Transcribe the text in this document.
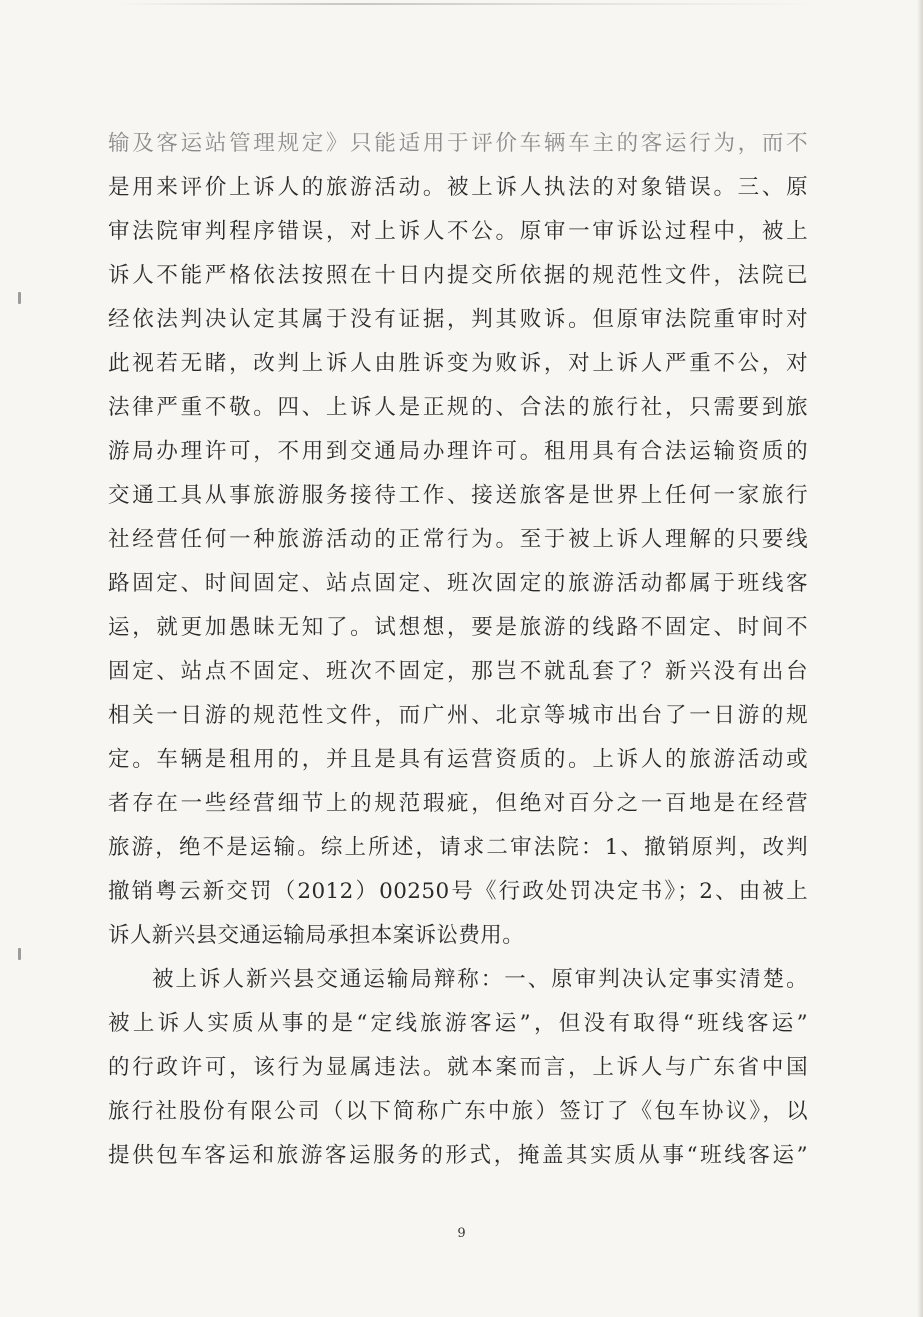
输及客运站管理规定》只能适用于评价车辆车主的客运行为，而不
是用来评价上诉人的旅游活动。被上诉人执法的对象错误。三、原
审法院审判程序错误，对上诉人不公。原审一审诉讼过程中，被上
诉人不能严格依法按照在十日内提交所依据的规范性文件，法院已
经依法判决认定其属于没有证据，判其败诉。但原审法院重审时对
此视若无睹，改判上诉人由胜诉变为败诉，对上诉人严重不公，对
法律严重不敬。四、上诉人是正规的、合法的旅行社，只需要到旅
游局办理许可，不用到交通局办理许可。租用具有合法运输资质的
交通工具从事旅游服务接待工作、接送旅客是世界上任何一家旅行
社经营任何一种旅游活动的正常行为。至于被上诉人理解的只要线
路固定、时间固定、站点固定、班次固定的旅游活动都属于班线客
运，就更加愚昧无知了。试想想，要是旅游的线路不固定、时间不
固定、站点不固定、班次不固定，那岂不就乱套了？新兴没有出台
相关一日游的规范性文件，而广州、北京等城市出台了一日游的规
定。车辆是租用的，并且是具有运营资质的。上诉人的旅游活动或
者存在一些经营细节上的规范瑕疵，但绝对百分之一百地是在经营
旅游，绝不是运输。综上所述，请求二审法院：1、撤销原判，改判
撤销粤云新交罚（2012）00250号《行政处罚决定书》；2、由被上
诉人新兴县交通运输局承担本案诉讼费用。
被上诉人新兴县交通运输局辩称：一、原审判决认定事实清楚。
被上诉人实质从事的是“定线旅游客运”，但没有取得“班线客运”
的行政许可，该行为显属违法。就本案而言，上诉人与广东省中国
旅行社股份有限公司（以下简称广东中旅）签订了《包车协议》，以
提供包车客运和旅游客运服务的形式，掩盖其实质从事“班线客运”
9
